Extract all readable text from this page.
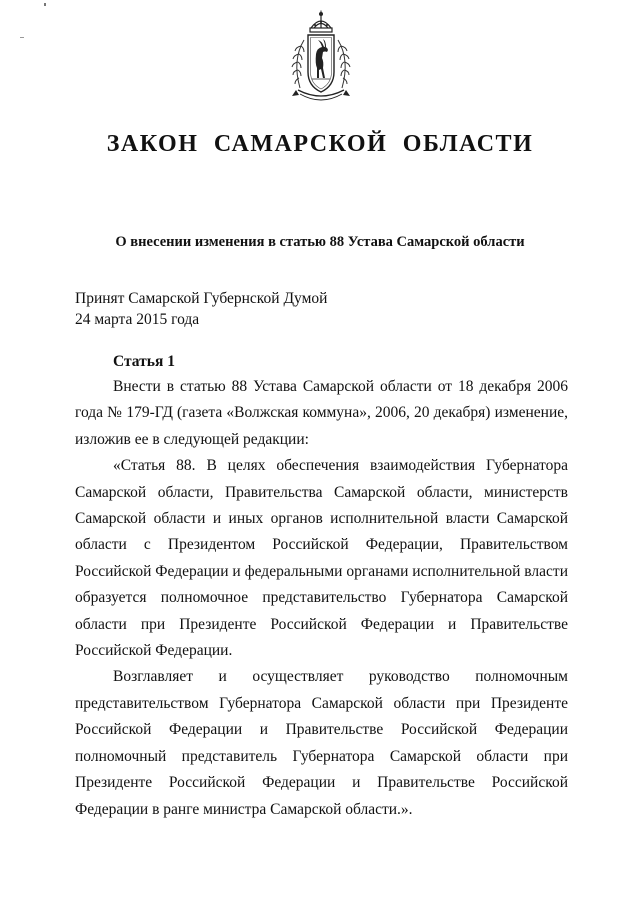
ЗАКОН САМАРСКОЙ ОБЛАСТИ
О внесении изменения в статью 88 Устава Самарской области
Принят Самарской Губернской Думой
24 марта 2015 года
Статья 1

Внести в статью 88 Устава Самарской области от 18 декабря 2006 года № 179-ГД (газета «Волжская коммуна», 2006, 20 декабря) изменение, изложив ее в следующей редакции:

«Статья 88. В целях обеспечения взаимодействия Губернатора Самарской области, Правительства Самарской области, министерств Самарской области и иных органов исполнительной власти Самарской области с Президентом Российской Федерации, Правительством Российской Федерации и федеральными органами исполнительной власти образуется полномочное представительство Губернатора Самарской области при Президенте Российской Федерации и Правительстве Российской Федерации.

Возглавляет и осуществляет руководство полномочным представительством Губернатора Самарской области при Президенте Российской Федерации и Правительстве Российской Федерации полномочный представитель Губернатора Самарской области при Президенте Российской Федерации и Правительстве Российской Федерации в ранге министра Самарской области.».
